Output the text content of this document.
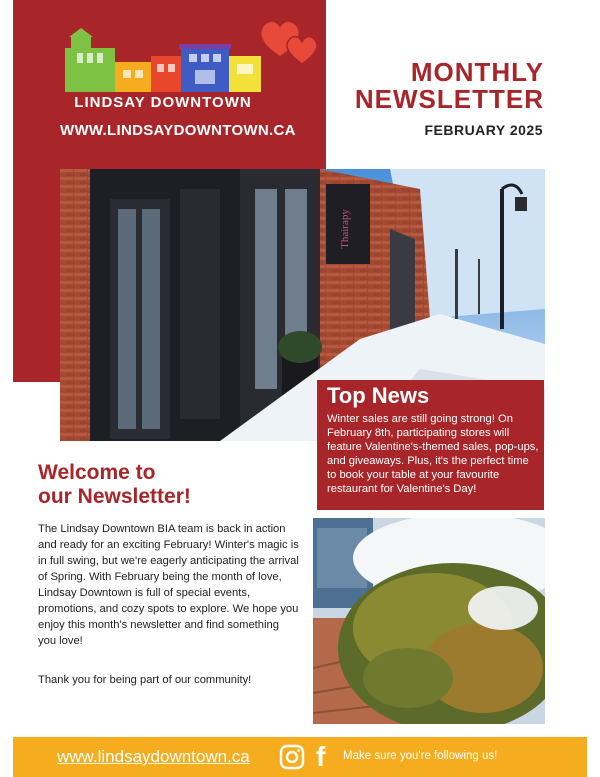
LINDSAY DOWNTOWN
WWW.LINDSAYDOWNTOWN.CA
MONTHLY
NEWSLETTER
FEBRUARY 2025
Thairapy
Top News

Winter sales are still going strong! On February 8th, participating stores will feature Valentine's-themed sales, pop-ups, and giveaways. Plus, it's the perfect time to book your table at your favourite restaurant for Valentine's Day!

Welcome to
our Newsletter!

The Lindsay Downtown BIA team is back in action and ready for an exciting February! Winter's magic is in full swing, but we're eagerly anticipating the arrival of Spring. With February being the month of love, Lindsay Downtown is full of special events, promotions, and cozy spots to explore. We hope you enjoy this month's newsletter and find something you love!

Thank you for being part of our community!

www.lindsaydowntown.ca f Make sure you're following us!
